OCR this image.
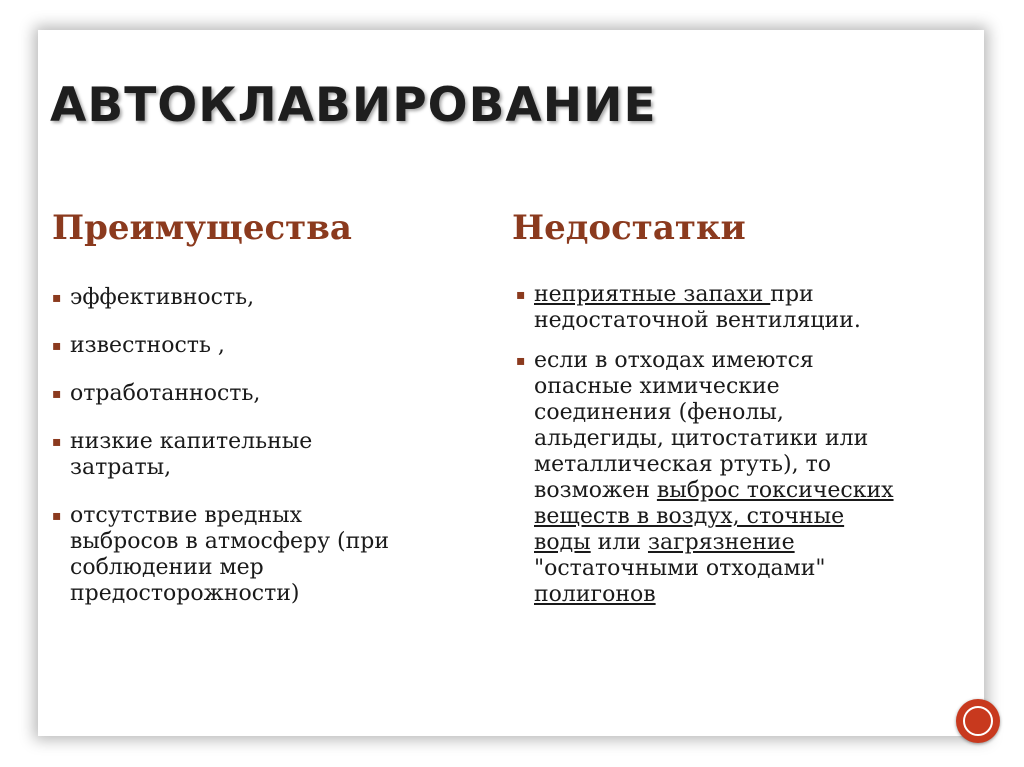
АВТОКЛАВИРОВАНИЕ
Преимущества	Недостатки
▪ эффективность,
▪ известность ,
▪ отработанность,
▪ низкие капительные затраты,
▪ отсутствие вредных выбросов в атмосферу (при соблюдении мер предосторожности)
▪ неприятные запахи при недостаточной вентиляции.
▪ если в отходах имеются опасные химические соединения (фенолы, альдегиды, цитостатики или металлическая ртуть), то возможен выброс токсических веществ в воздух, сточные воды или загрязнение "остаточными отходами" полигонов
